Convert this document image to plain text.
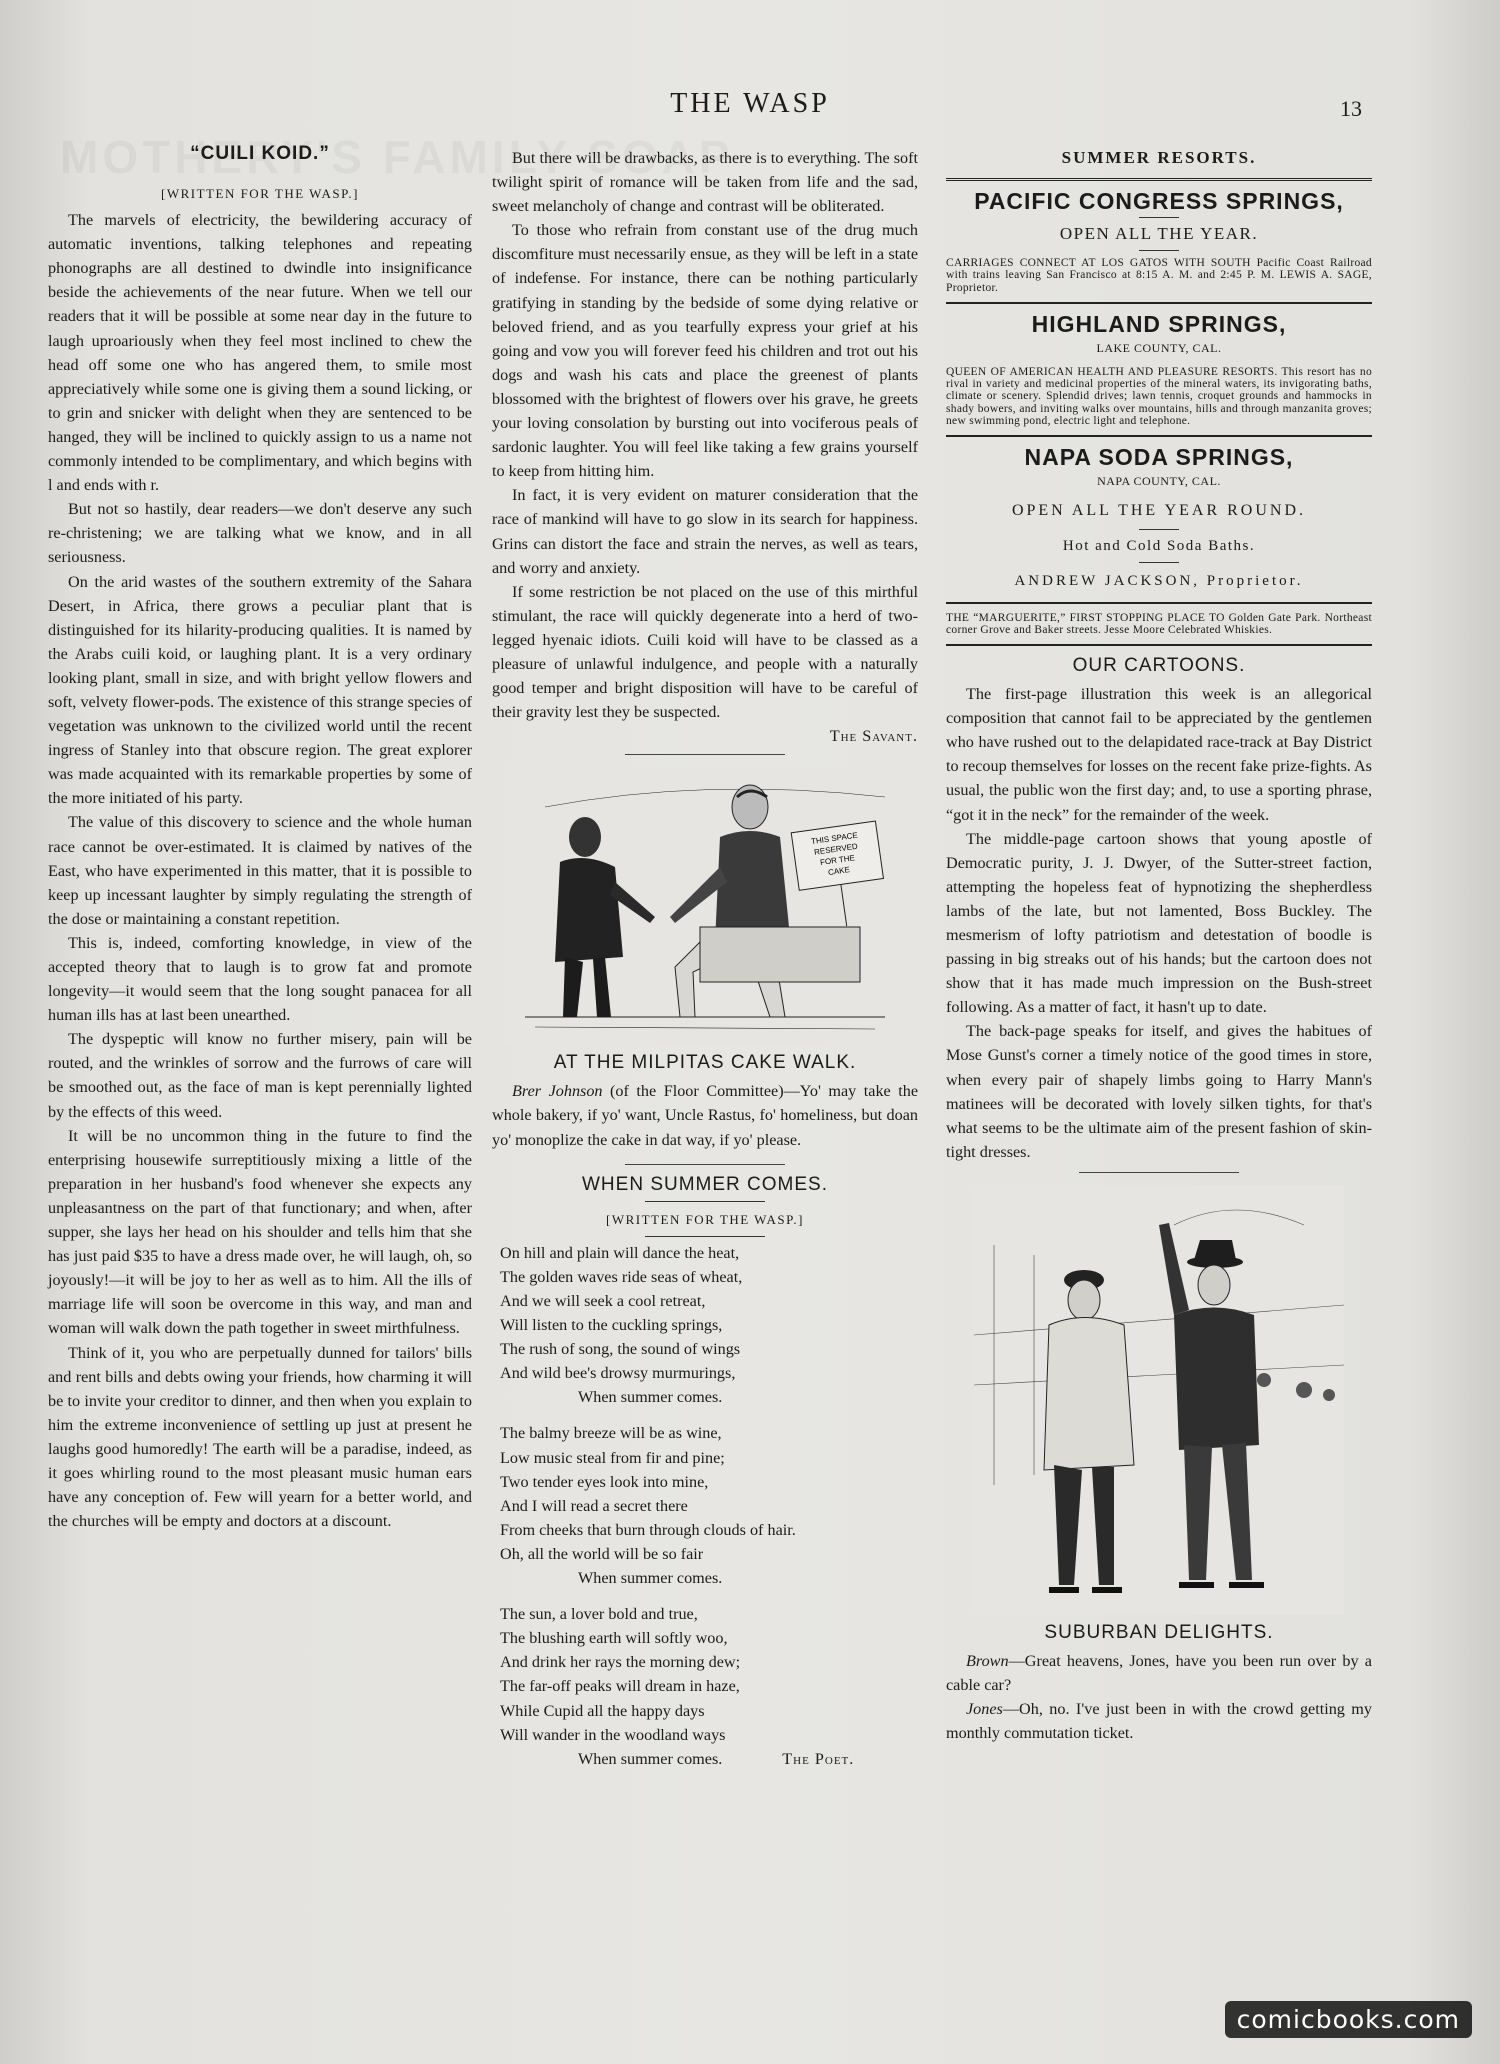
THE WASP	13
“CUILI KOID.”
[WRITTEN FOR THE WASP.]

The marvels of electricity, the bewildering accuracy of automatic inventions, talking telephones and repeating phonographs are all destined to dwindle into insignificance beside the achievements of the near future. When we tell our readers that it will be possible at some near day in the future to laugh uproariously when they feel most inclined to chew the head off some one who has angered them, to smile most appreciatively while some one is giving them a sound licking, or to grin and snicker with delight when they are sentenced to be hanged, they will be inclined to quickly assign to us a name not commonly intended to be complimentary, and which begins with l and ends with r.

But not so hastily, dear readers—we don't deserve any such re-christening; we are talking what we know, and in all seriousness.

On the arid wastes of the southern extremity of the Sahara Desert, in Africa, there grows a peculiar plant that is distinguished for its hilarity-producing qualities. It is named by the Arabs cuili koid, or laughing plant. It is a very ordinary looking plant, small in size, and with bright yellow flowers and soft, velvety flower-pods. The existence of this strange species of vegetation was unknown to the civilized world until the recent ingress of Stanley into that obscure region. The great explorer was made acquainted with its remarkable properties by some of the more initiated of his party.

The value of this discovery to science and the whole human race cannot be over-estimated. It is claimed by natives of the East, who have experimented in this matter, that it is possible to keep up incessant laughter by simply regulating the strength of the dose or maintaining a constant repetition.

This is, indeed, comforting knowledge, in view of the accepted theory that to laugh is to grow fat and promote longevity—it would seem that the long sought panacea for all human ills has at last been unearthed.

The dyspeptic will know no further misery, pain will be routed, and the wrinkles of sorrow and the furrows of care will be smoothed out, as the face of man is kept perennially lighted by the effects of this weed.

It will be no uncommon thing in the future to find the enterprising housewife surreptitiously mixing a little of the preparation in her husband's food whenever she expects any unpleasantness on the part of that functionary; and when, after supper, she lays her head on his shoulder and tells him that she has just paid $35 to have a dress made over, he will laugh, oh, so joyously!—it will be joy to her as well as to him. All the ills of marriage life will soon be overcome in this way, and man and woman will walk down the path together in sweet mirthfulness.

Think of it, you who are perpetually dunned for tailors' bills and rent bills and debts owing your friends, how charming it will be to invite your creditor to dinner, and then when you explain to him the extreme inconvenience of settling up just at present he laughs good humoredly! The earth will be a paradise, indeed, as it goes whirling round to the most pleasant music human ears have any conception of. Few will yearn for a better world, and the churches will be empty and doctors at a discount.

But there will be drawbacks, as there is to everything. The soft twilight spirit of romance will be taken from life and the sad, sweet melancholy of change and contrast will be obliterated.

To those who refrain from constant use of the drug much discomfiture must necessarily ensue, as they will be left in a state of indefense. For instance, there can be nothing particularly gratifying in standing by the bedside of some dying relative or beloved friend, and as you tearfully express your grief at his going and vow you will forever feed his children and trot out his dogs and wash his cats and place the greenest of plants blossomed with the brightest of flowers over his grave, he greets your loving consolation by bursting out into vociferous peals of sardonic laughter. You will feel like taking a few grains yourself to keep from hitting him.

In fact, it is very evident on maturer consideration that the race of mankind will have to go slow in its search for happiness. Grins can distort the face and strain the nerves, as well as tears, and worry and anxiety.

If some restriction be not placed on the use of this mirthful stimulant, the race will quickly degenerate into a herd of two-legged hyenaic idiots. Cuili koid will have to be classed as a pleasure of unlawful indulgence, and people with a naturally good temper and bright disposition will have to be careful of their gravity lest they be suspected.

The Savant.
THIS SPACE
RESERVED
FOR THE
CAKE
AT THE MILPITAS CAKE WALK.

Brer Johnson (of the Floor Committee)—Yo' may take the whole bakery, if yo' want, Uncle Rastus, fo' homeliness, but doan yo' monoplize the cake in dat way, if yo' please.

WHEN SUMMER COMES.
[WRITTEN FOR THE WASP.]
On hill and plain will dance the heat,
The golden waves ride seas of wheat,
And we will seek a cool retreat,
Will listen to the cuckling springs,
The rush of song, the sound of wings
And wild bee's drowsy murmurings,
When summer comes.
The balmy breeze will be as wine,
Low music steal from fir and pine;
Two tender eyes look into mine,
And I will read a secret there
From cheeks that burn through clouds of hair.
Oh, all the world will be so fair
When summer comes.
The sun, a lover bold and true,
The blushing earth will softly woo,
And drink her rays the morning dew;
The far-off peaks will dream in haze,
While Cupid all the happy days
Will wander in the woodland ways
When summer comes.	The Poet.
SUMMER RESORTS.
PACIFIC CONGRESS SPRINGS,
OPEN ALL THE YEAR.
CARRIAGES CONNECT AT LOS GATOS WITH SOUTH Pacific Coast Railroad with trains leaving San Francisco at 8:15 A. M. and 2:45 P. M. LEWIS A. SAGE, Proprietor.
HIGHLAND SPRINGS,
LAKE COUNTY, CAL.
QUEEN OF AMERICAN HEALTH AND PLEASURE RESORTS. This resort has no rival in variety and medicinal properties of the mineral waters, its invigorating baths, climate or scenery. Splendid drives; lawn tennis, croquet grounds and hammocks in shady bowers, and inviting walks over mountains, hills and through manzanita groves; new swimming pond, electric light and telephone.
NAPA SODA SPRINGS,
NAPA COUNTY, CAL.
OPEN ALL THE YEAR ROUND.
Hot and Cold Soda Baths.
ANDREW JACKSON, Proprietor.
THE “MARGUERITE,” FIRST STOPPING PLACE TO Golden Gate Park. Northeast corner Grove and Baker streets. Jesse Moore Celebrated Whiskies.
OUR CARTOONS.

The first-page illustration this week is an allegorical composition that cannot fail to be appreciated by the gentlemen who have rushed out to the delapidated race-track at Bay District to recoup themselves for losses on the recent fake prize-fights. As usual, the public won the first day; and, to use a sporting phrase, “got it in the neck” for the remainder of the week.

The middle-page cartoon shows that young apostle of Democratic purity, J. J. Dwyer, of the Sutter-street faction, attempting the hopeless feat of hypnotizing the shepherdless lambs of the late, but not lamented, Boss Buckley. The mesmerism of lofty patriotism and detestation of boodle is passing in big streaks out of his hands; but the cartoon does not show that it has made much impression on the Bush-street following. As a matter of fact, it hasn't up to date.

The back-page speaks for itself, and gives the habitues of Mose Gunst's corner a timely notice of the good times in store, when every pair of shapely limbs going to Harry Mann's matinees will be decorated with lovely silken tights, for that's what seems to be the ultimate aim of the present fashion of skin-tight dresses.

SUBURBAN DELIGHTS.

Brown—Great heavens, Jones, have you been run over by a cable car?

Jones—Oh, no. I've just been in with the crowd getting my monthly commutation ticket.

comicbooks.com
